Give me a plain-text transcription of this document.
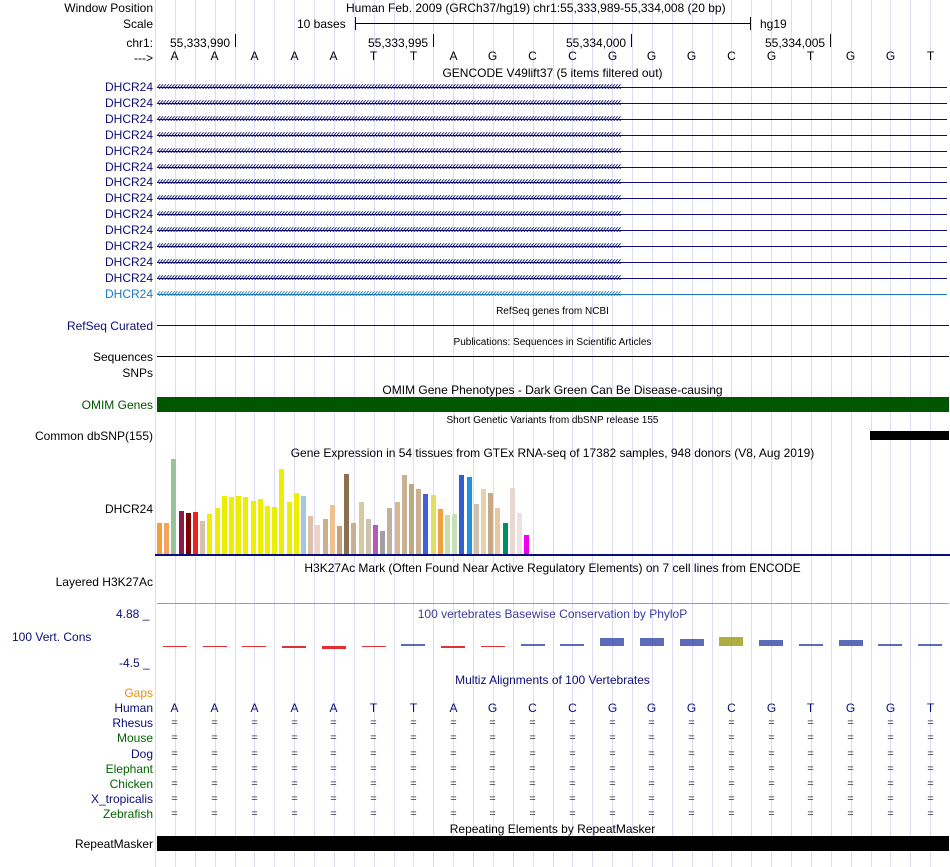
Window Position	Human Feb. 2009 (GRCh37/hg19) chr1:55,333,989-55,334,008 (20 bp)
Scale	10 bases	hg19
chr1: 55,333,990	55,333,995	55,334,000	55,334,005
--->
GENCODE V49lift37 (5 items filtered out)
RefSeq genes from NCBI
RefSeq Curated
Publications: Sequences in Scientific Articles
Sequences
SNPs
OMIM Gene Phenotypes - Dark Green Can Be Disease-causing
OMIM Genes
Short Genetic Variants from dbSNP release 155
Common dbSNP(155)
Gene Expression in 54 tissues from GTEx RNA-seq of 17382 samples, 948 donors (V8, Aug 2019)
DHCR24
H3K27Ac Mark (Often Found Near Active Regulatory Elements) on 7 cell lines from ENCODE
Layered H3K27Ac
100 vertebrates Basewise Conservation by PhyloP
4.88 _
100 Vert. Cons
-4.5 _
Multiz Alignments of 100 Vertebrates
Gaps
Repeating Elements by RepeatMasker
RepeatMasker
A	A	A	A	A	T	T	A	G	C	C	G	G	G	C	G	T	G	G	T
DHCR24 ‹‹‹‹‹‹‹‹‹‹‹‹‹‹‹‹‹‹‹‹‹‹‹‹‹‹‹‹‹‹‹‹‹‹‹‹‹‹‹‹‹‹‹‹‹‹‹‹‹‹‹‹‹‹‹‹‹‹‹‹‹‹‹‹‹‹‹‹‹‹‹‹‹‹‹‹‹‹‹‹‹‹‹‹‹‹‹‹‹‹‹‹‹‹‹‹‹‹‹‹‹‹‹‹‹‹‹‹‹‹‹‹‹‹‹‹‹‹‹‹‹‹‹‹‹‹‹‹‹‹‹‹‹‹‹‹‹‹‹‹‹‹‹‹‹‹‹‹‹‹‹‹‹‹‹‹‹‹‹‹
DHCR24 ‹‹‹‹‹‹‹‹‹‹‹‹‹‹‹‹‹‹‹‹‹‹‹‹‹‹‹‹‹‹‹‹‹‹‹‹‹‹‹‹‹‹‹‹‹‹‹‹‹‹‹‹‹‹‹‹‹‹‹‹‹‹‹‹‹‹‹‹‹‹‹‹‹‹‹‹‹‹‹‹‹‹‹‹‹‹‹‹‹‹‹‹‹‹‹‹‹‹‹‹‹‹‹‹‹‹‹‹‹‹‹‹‹‹‹‹‹‹‹‹‹‹‹‹‹‹‹‹‹‹‹‹‹‹‹‹‹‹‹‹‹‹‹‹‹‹‹‹‹‹‹‹‹‹‹‹‹‹‹‹
DHCR24 ‹‹‹‹‹‹‹‹‹‹‹‹‹‹‹‹‹‹‹‹‹‹‹‹‹‹‹‹‹‹‹‹‹‹‹‹‹‹‹‹‹‹‹‹‹‹‹‹‹‹‹‹‹‹‹‹‹‹‹‹‹‹‹‹‹‹‹‹‹‹‹‹‹‹‹‹‹‹‹‹‹‹‹‹‹‹‹‹‹‹‹‹‹‹‹‹‹‹‹‹‹‹‹‹‹‹‹‹‹‹‹‹‹‹‹‹‹‹‹‹‹‹‹‹‹‹‹‹‹‹‹‹‹‹‹‹‹‹‹‹‹‹‹‹‹‹‹‹‹‹‹‹‹‹‹‹‹‹‹‹
DHCR24 ‹‹‹‹‹‹‹‹‹‹‹‹‹‹‹‹‹‹‹‹‹‹‹‹‹‹‹‹‹‹‹‹‹‹‹‹‹‹‹‹‹‹‹‹‹‹‹‹‹‹‹‹‹‹‹‹‹‹‹‹‹‹‹‹‹‹‹‹‹‹‹‹‹‹‹‹‹‹‹‹‹‹‹‹‹‹‹‹‹‹‹‹‹‹‹‹‹‹‹‹‹‹‹‹‹‹‹‹‹‹‹‹‹‹‹‹‹‹‹‹‹‹‹‹‹‹‹‹‹‹‹‹‹‹‹‹‹‹‹‹‹‹‹‹‹‹‹‹‹‹‹‹‹‹‹‹‹‹‹‹
DHCR24 ‹‹‹‹‹‹‹‹‹‹‹‹‹‹‹‹‹‹‹‹‹‹‹‹‹‹‹‹‹‹‹‹‹‹‹‹‹‹‹‹‹‹‹‹‹‹‹‹‹‹‹‹‹‹‹‹‹‹‹‹‹‹‹‹‹‹‹‹‹‹‹‹‹‹‹‹‹‹‹‹‹‹‹‹‹‹‹‹‹‹‹‹‹‹‹‹‹‹‹‹‹‹‹‹‹‹‹‹‹‹‹‹‹‹‹‹‹‹‹‹‹‹‹‹‹‹‹‹‹‹‹‹‹‹‹‹‹‹‹‹‹‹‹‹‹‹‹‹‹‹‹‹‹‹‹‹‹‹‹‹
DHCR24 ‹‹‹‹‹‹‹‹‹‹‹‹‹‹‹‹‹‹‹‹‹‹‹‹‹‹‹‹‹‹‹‹‹‹‹‹‹‹‹‹‹‹‹‹‹‹‹‹‹‹‹‹‹‹‹‹‹‹‹‹‹‹‹‹‹‹‹‹‹‹‹‹‹‹‹‹‹‹‹‹‹‹‹‹‹‹‹‹‹‹‹‹‹‹‹‹‹‹‹‹‹‹‹‹‹‹‹‹‹‹‹‹‹‹‹‹‹‹‹‹‹‹‹‹‹‹‹‹‹‹‹‹‹‹‹‹‹‹‹‹‹‹‹‹‹‹‹‹‹‹‹‹‹‹‹‹‹‹‹‹
DHCR24 ‹‹‹‹‹‹‹‹‹‹‹‹‹‹‹‹‹‹‹‹‹‹‹‹‹‹‹‹‹‹‹‹‹‹‹‹‹‹‹‹‹‹‹‹‹‹‹‹‹‹‹‹‹‹‹‹‹‹‹‹‹‹‹‹‹‹‹‹‹‹‹‹‹‹‹‹‹‹‹‹‹‹‹‹‹‹‹‹‹‹‹‹‹‹‹‹‹‹‹‹‹‹‹‹‹‹‹‹‹‹‹‹‹‹‹‹‹‹‹‹‹‹‹‹‹‹‹‹‹‹‹‹‹‹‹‹‹‹‹‹‹‹‹‹‹‹‹‹‹‹‹‹‹‹‹‹‹‹‹‹
DHCR24 ‹‹‹‹‹‹‹‹‹‹‹‹‹‹‹‹‹‹‹‹‹‹‹‹‹‹‹‹‹‹‹‹‹‹‹‹‹‹‹‹‹‹‹‹‹‹‹‹‹‹‹‹‹‹‹‹‹‹‹‹‹‹‹‹‹‹‹‹‹‹‹‹‹‹‹‹‹‹‹‹‹‹‹‹‹‹‹‹‹‹‹‹‹‹‹‹‹‹‹‹‹‹‹‹‹‹‹‹‹‹‹‹‹‹‹‹‹‹‹‹‹‹‹‹‹‹‹‹‹‹‹‹‹‹‹‹‹‹‹‹‹‹‹‹‹‹‹‹‹‹‹‹‹‹‹‹‹‹‹‹
DHCR24 ‹‹‹‹‹‹‹‹‹‹‹‹‹‹‹‹‹‹‹‹‹‹‹‹‹‹‹‹‹‹‹‹‹‹‹‹‹‹‹‹‹‹‹‹‹‹‹‹‹‹‹‹‹‹‹‹‹‹‹‹‹‹‹‹‹‹‹‹‹‹‹‹‹‹‹‹‹‹‹‹‹‹‹‹‹‹‹‹‹‹‹‹‹‹‹‹‹‹‹‹‹‹‹‹‹‹‹‹‹‹‹‹‹‹‹‹‹‹‹‹‹‹‹‹‹‹‹‹‹‹‹‹‹‹‹‹‹‹‹‹‹‹‹‹‹‹‹‹‹‹‹‹‹‹‹‹‹‹‹‹
DHCR24 ‹‹‹‹‹‹‹‹‹‹‹‹‹‹‹‹‹‹‹‹‹‹‹‹‹‹‹‹‹‹‹‹‹‹‹‹‹‹‹‹‹‹‹‹‹‹‹‹‹‹‹‹‹‹‹‹‹‹‹‹‹‹‹‹‹‹‹‹‹‹‹‹‹‹‹‹‹‹‹‹‹‹‹‹‹‹‹‹‹‹‹‹‹‹‹‹‹‹‹‹‹‹‹‹‹‹‹‹‹‹‹‹‹‹‹‹‹‹‹‹‹‹‹‹‹‹‹‹‹‹‹‹‹‹‹‹‹‹‹‹‹‹‹‹‹‹‹‹‹‹‹‹‹‹‹‹‹‹‹‹
DHCR24 ‹‹‹‹‹‹‹‹‹‹‹‹‹‹‹‹‹‹‹‹‹‹‹‹‹‹‹‹‹‹‹‹‹‹‹‹‹‹‹‹‹‹‹‹‹‹‹‹‹‹‹‹‹‹‹‹‹‹‹‹‹‹‹‹‹‹‹‹‹‹‹‹‹‹‹‹‹‹‹‹‹‹‹‹‹‹‹‹‹‹‹‹‹‹‹‹‹‹‹‹‹‹‹‹‹‹‹‹‹‹‹‹‹‹‹‹‹‹‹‹‹‹‹‹‹‹‹‹‹‹‹‹‹‹‹‹‹‹‹‹‹‹‹‹‹‹‹‹‹‹‹‹‹‹‹‹‹‹‹‹
DHCR24 ‹‹‹‹‹‹‹‹‹‹‹‹‹‹‹‹‹‹‹‹‹‹‹‹‹‹‹‹‹‹‹‹‹‹‹‹‹‹‹‹‹‹‹‹‹‹‹‹‹‹‹‹‹‹‹‹‹‹‹‹‹‹‹‹‹‹‹‹‹‹‹‹‹‹‹‹‹‹‹‹‹‹‹‹‹‹‹‹‹‹‹‹‹‹‹‹‹‹‹‹‹‹‹‹‹‹‹‹‹‹‹‹‹‹‹‹‹‹‹‹‹‹‹‹‹‹‹‹‹‹‹‹‹‹‹‹‹‹‹‹‹‹‹‹‹‹‹‹‹‹‹‹‹‹‹‹‹‹‹‹
DHCR24 ‹‹‹‹‹‹‹‹‹‹‹‹‹‹‹‹‹‹‹‹‹‹‹‹‹‹‹‹‹‹‹‹‹‹‹‹‹‹‹‹‹‹‹‹‹‹‹‹‹‹‹‹‹‹‹‹‹‹‹‹‹‹‹‹‹‹‹‹‹‹‹‹‹‹‹‹‹‹‹‹‹‹‹‹‹‹‹‹‹‹‹‹‹‹‹‹‹‹‹‹‹‹‹‹‹‹‹‹‹‹‹‹‹‹‹‹‹‹‹‹‹‹‹‹‹‹‹‹‹‹‹‹‹‹‹‹‹‹‹‹‹‹‹‹‹‹‹‹‹‹‹‹‹‹‹‹‹‹‹‹
DHCR24 ‹‹‹‹‹‹‹‹‹‹‹‹‹‹‹‹‹‹‹‹‹‹‹‹‹‹‹‹‹‹‹‹‹‹‹‹‹‹‹‹‹‹‹‹‹‹‹‹‹‹‹‹‹‹‹‹‹‹‹‹‹‹‹‹‹‹‹‹‹‹‹‹‹‹‹‹‹‹‹‹‹‹‹‹‹‹‹‹‹‹‹‹‹‹‹‹‹‹‹‹‹‹‹‹‹‹‹‹‹‹‹‹‹‹‹‹‹‹‹‹‹‹‹‹‹‹‹‹‹‹‹‹‹‹‹‹‹‹‹‹‹‹‹‹‹‹‹‹‹‹‹‹‹‹‹‹‹‹‹‹
Human	A	A	A	A	A	T	T	A	G	C	C	G	G	G	C	G	T	G	G	T
Rhesus	=	=	=	=	=	=	=	=	=	=	=	=	=	=	=	=	=	=	=	=
Mouse	=	=	=	=	=	=	=	=	=	=	=	=	=	=	=	=	=	=	=	=
Dog	=	=	=	=	=	=	=	=	=	=	=	=	=	=	=	=	=	=	=	=
Elephant	=	=	=	=	=	=	=	=	=	=	=	=	=	=	=	=	=	=	=	=
Chicken	=	=	=	=	=	=	=	=	=	=	=	=	=	=	=	=	=	=	=	=
X_tropicalis	=	=	=	=	=	=	=	=	=	=	=	=	=	=	=	=	=	=	=	=
Zebrafish	=	=	=	=	=	=	=	=	=	=	=	=	=	=	=	=	=	=	=	=
